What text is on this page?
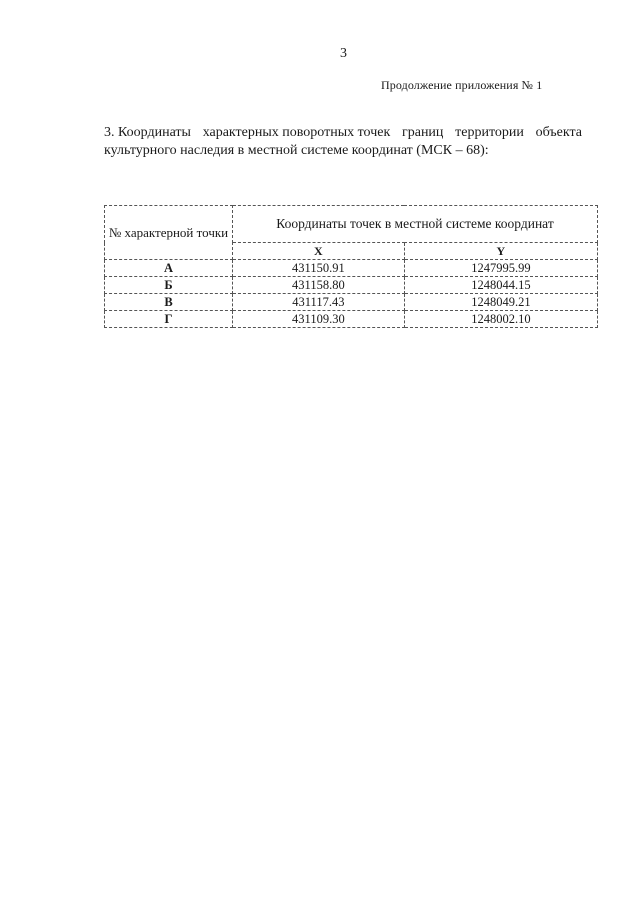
3
Продолжение приложения № 1
3. Координаты характерных поворотных точек границ территории объекта
культурного наследия в местной системе координат (МСК – 68):
№ характерной точки	Координаты точек в местной системе координат	
	X	Y
А	431150.91	1247995.99
Б	431158.80	1248044.15
В	431117.43	1248049.21
Г	431109.30	1248002.10
